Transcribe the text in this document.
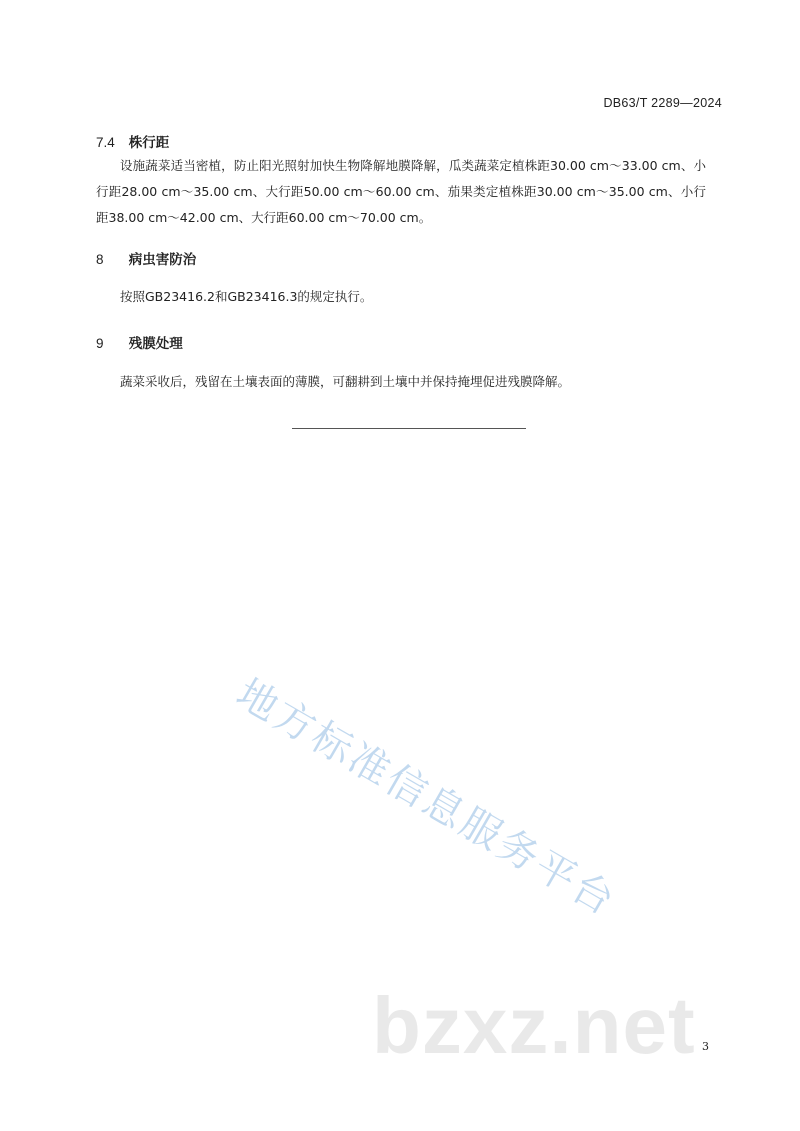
DB63/T 2289—2024
7.4 株行距
设施蔬菜适当密植，防止阳光照射加快生物降解地膜降解，瓜类蔬菜定植株距30.00 cm～33.00 cm、小行距28.00 cm～35.00 cm、大行距50.00 cm～60.00 cm、茄果类定植株距30.00 cm～35.00 cm、小行距38.00 cm～42.00 cm、大行距60.00 cm～70.00 cm。
8 病虫害防治
按照GB23416.2和GB23416.3的规定执行。
9 残膜处理
蔬菜采收后，残留在土壤表面的薄膜，可翻耕到土壤中并保持掩埋促进残膜降解。
地方标准信息服务平台
bzxz.net 3
